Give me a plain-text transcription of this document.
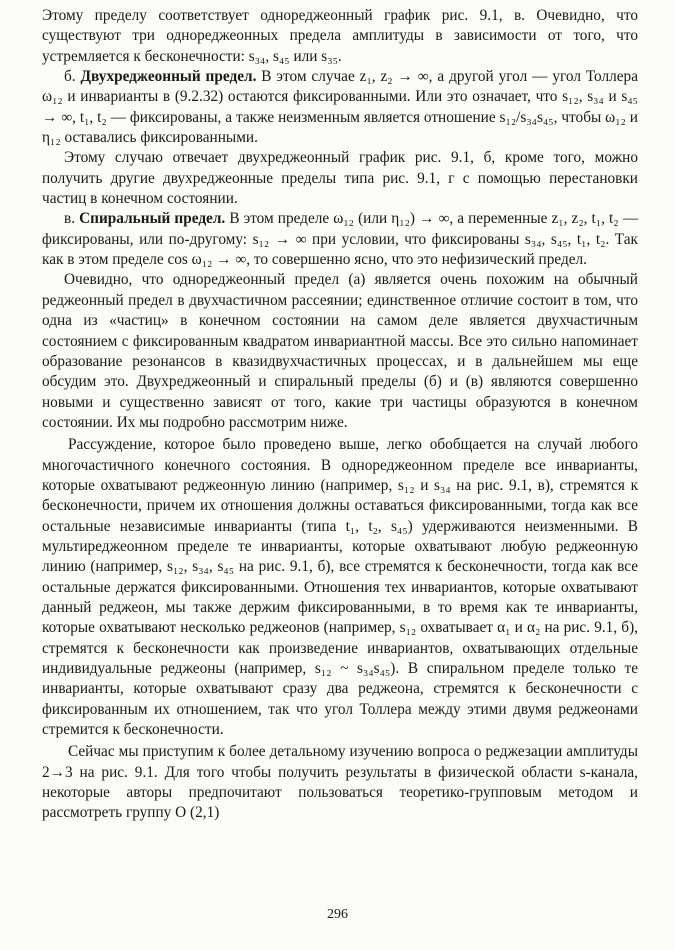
Этому пределу соответствует однореджеонный график рис. 9.1, в. Очевидно, что существуют три однореджеонных предела амплитуды в зависимости от того, что устремляется к бесконечности: s₃₄, s₄₅ или s₃₅.

б. Двухреджеонный предел. В этом случае z₁, z₂ → ∞, а другой угол — угол Толлера ω₁₂ и инварианты в (9.2.32) остаются фиксированными. Или это означает, что s₁₂, s₃₄ и s₄₅ → ∞, t₁, t₂ — фиксированы, а также неизменным является отношение s₁₂/s₃₄s₄₅, чтобы ω₁₂ и η₁₂ оставались фиксированными.

Этому случаю отвечает двухреджеонный график рис. 9.1, б, кроме того, можно получить другие двухреджеонные пределы типа рис. 9.1, г с помощью перестановки частиц в конечном состоянии.

в. Спиральный предел. В этом пределе ω₁₂ (или η₁₂) → ∞, а переменные z₁, z₂, t₁, t₂ — фиксированы, или по-другому: s₁₂ → ∞ при условии, что фиксированы s₃₄, s₄₅, t₁, t₂. Так как в этом пределе cos ω₁₂ → ∞, то совершенно ясно, что это нефизический предел.

Очевидно, что однореджеонный предел (а) является очень похожим на обычный реджеонный предел в двухчастичном рассеянии; единственное отличие состоит в том, что одна из «частиц» в конечном состоянии на самом деле является двухчастичным состоянием с фиксированным квадратом инвариантной массы. Все это сильно напоминает образование резонансов в квазидвухчастичных процессах, и в дальнейшем мы еще обсудим это. Двухреджеонный и спиральный пределы (б) и (в) являются совершенно новыми и существенно зависят от того, какие три частицы образуются в конечном состоянии. Их мы подробно рассмотрим ниже.

Рассуждение, которое было проведено выше, легко обобщается на случай любого многочастичного конечного состояния. В однореджеонном пределе все инварианты, которые охватывают реджеонную линию (например, s₁₂ и s₃₄ на рис. 9.1, в), стремятся к бесконечности, причем их отношения должны оставаться фиксированными, тогда как все остальные независимые инварианты (типа t₁, t₂, s₄₅) удерживаются неизменными. В мультиреджеонном пределе те инварианты, которые охватывают любую реджеонную линию (например, s₁₂, s₃₄, s₄₅ на рис. 9.1, б), все стремятся к бесконечности, тогда как все остальные держатся фиксированными. Отношения тех инвариантов, которые охватывают данный реджеон, мы также держим фиксированными, в то время как те инварианты, которые охватывают несколько реджеонов (например, s₁₂ охватывает α₁ и α₂ на рис. 9.1, б), стремятся к бесконечности как произведение инвариантов, охватывающих отдельные индивидуальные реджеоны (например, s₁₂ ~ s₃₄s₄₅). В спиральном пределе только те инварианты, которые охватывают сразу два реджеона, стремятся к бесконечности с фиксированным их отношением, так что угол Толлера между этими двумя реджеонами стремится к бесконечности.

Сейчас мы приступим к более детальному изучению вопроса о реджезации амплитуды 2→3 на рис. 9.1. Для того чтобы получить результаты в физической области s-канала, некоторые авторы предпочитают пользоваться теоретико-групповым методом и рассмотреть группу O (2,1)

296
